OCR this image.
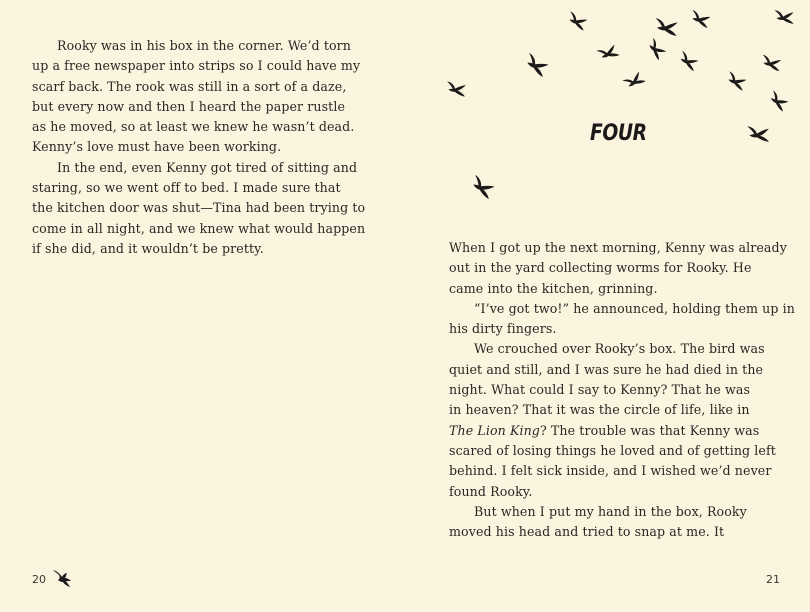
Rooky was in his box in the corner. We’d torn
up a free newspaper into strips so I could have my
scarf back. The rook was still in a sort of a daze,
but every now and then I heard the paper rustle
as he moved, so at least we knew he wasn’t dead.
Kenny’s love must have been working.
In the end, even Kenny got tired of sitting and
staring, so we went off to bed. I made sure that
the kitchen door was shut—Tina had been trying to
come in all night, and we knew what would happen
if she did, and it wouldn’t be pretty.
20
FOUR
When I got up the next morning, Kenny was already
out in the yard collecting worms for Rooky. He
came into the kitchen, grinning.
“I’ve got two!” he announced, holding them up in
his dirty fingers.
We crouched over Rooky’s box. The bird was
quiet and still, and I was sure he had died in the
night. What could I say to Kenny? That he was
in heaven? That it was the circle of life, like in
The Lion King? The trouble was that Kenny was
scared of losing things he loved and of getting left
behind. I felt sick inside, and I wished we’d never
found Rooky.
But when I put my hand in the box, Rooky
moved his head and tried to snap at me. It
21
